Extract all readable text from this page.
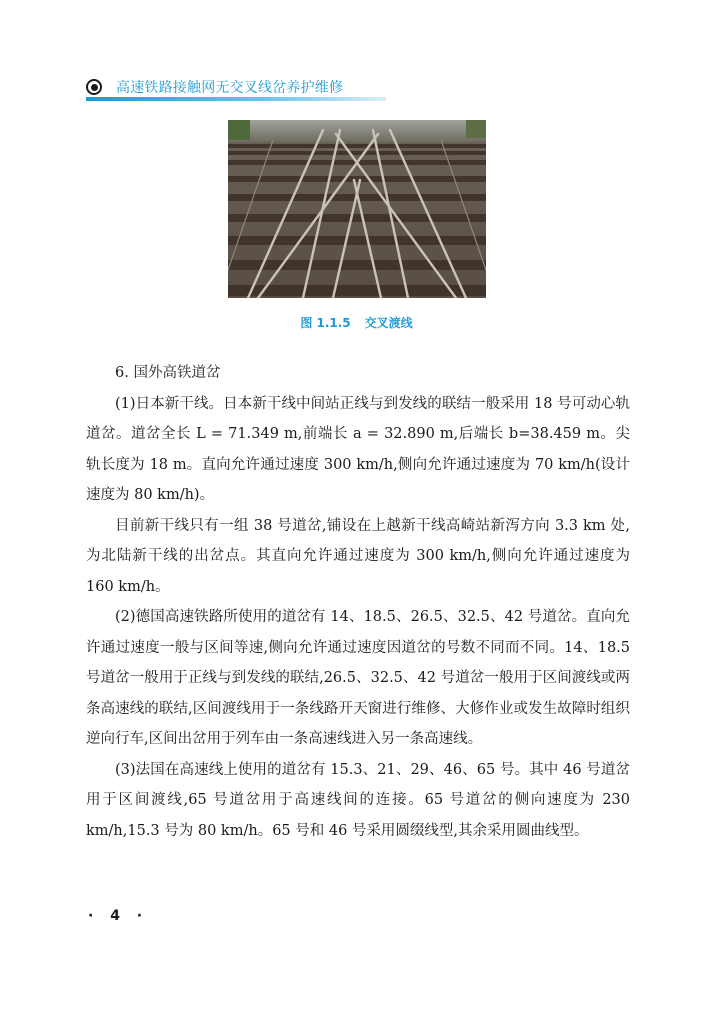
高速铁路接触网无交叉线岔养护维修
图 1.1.5 交叉渡线

6. 国外高铁道岔

(1)日本新干线。日本新干线中间站正线与到发线的联结一般采用 18 号可动心轨道岔。道岔全长 L = 71.349 m,前端长 a = 32.890 m,后端长 b=38.459 m。尖轨长度为 18 m。直向允许通过速度 300 km/h,侧向允许通过速度为 70 km/h(设计速度为 80 km/h)。

目前新干线只有一组 38 号道岔,铺设在上越新干线高崎站新泻方向 3.3 km 处,为北陆新干线的出岔点。其直向允许通过速度为 300 km/h,侧向允许通过速度为 160 km/h。

(2)德国高速铁路所使用的道岔有 14、18.5、26.5、32.5、42 号道岔。直向允许通过速度一般与区间等速,侧向允许通过速度因道岔的号数不同而不同。14、18.5 号道岔一般用于正线与到发线的联结,26.5、32.5、42 号道岔一般用于区间渡线或两条高速线的联结,区间渡线用于一条线路开天窗进行维修、大修作业或发生故障时组织逆向行车,区间出岔用于列车由一条高速线进入另一条高速线。

(3)法国在高速线上使用的道岔有 15.3、21、29、46、65 号。其中 46 号道岔用于区间渡线,65 号道岔用于高速线间的连接。65 号道岔的侧向速度为 230 km/h,15.3 号为 80 km/h。65 号和 46 号采用圆缀线型,其余采用圆曲线型。

· 4 ·
